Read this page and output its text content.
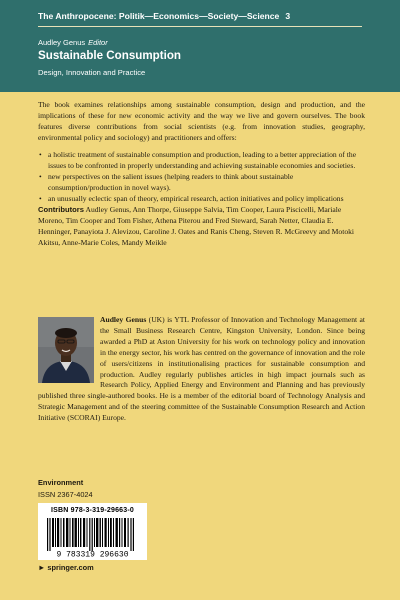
The Anthropocene: Politik—Economics—Society—Science 3
Audley Genus Editor
Sustainable Consumption
Design, Innovation and Practice

The book examines relationships among sustainable consumption, design and production, and the implications of these for new economic activity and the way we live and govern ourselves. The book features diverse contributions from social scientists (e.g. from innovation studies, geography, environmental policy and sociology) and practitioners and offers:

• a holistic treatment of sustainable consumption and production, leading to a better appreciation of the issues to be confronted in properly understanding and achieving sustainable economies and societies.
• new perspectives on the salient issues (helping readers to think about sustainable consumption/production in novel ways).
• an unusually eclectic span of theory, empirical research, action initiatives and policy implications

Contributors Audley Genus, Ann Thorpe, Giuseppe Salvia, Tim Cooper, Laura Piscicelli, Mariale Moreno, Tim Cooper and Tom Fisher, Athena Piterou and Fred Steward, Sarah Netter, Claudia E. Henninger, Panayiota J. Alevizou, Caroline J. Oates and Ranis Cheng, Steven R. McGreevy and Motoki Akitsu, Anne-Marie Coles, Mandy Meikle

Audley Genus (UK) is YTL Professor of Innovation and Technology Management at the Small Business Research Centre, Kingston University, London. Since being awarded a PhD at Aston University for his work on technology policy and innovation in the energy sector, his work has centred on the governance of innovation and the role of users/citizens in institutionalising practices for sustainable consumption and production. Audley regularly publishes articles in high impact journals such as Research Policy, Applied Energy and Environment and Planning and has previously published three single-authored books. He is a member of the editorial board of Technology Analysis and Strategic Management and of the steering committee of the Sustainable Consumption Research and Action Initiative (SCORAI) Europe.

Environment
ISSN 2367-4024
ISBN 978-3-319-29663-0
9 783319 296630
► springer.com
